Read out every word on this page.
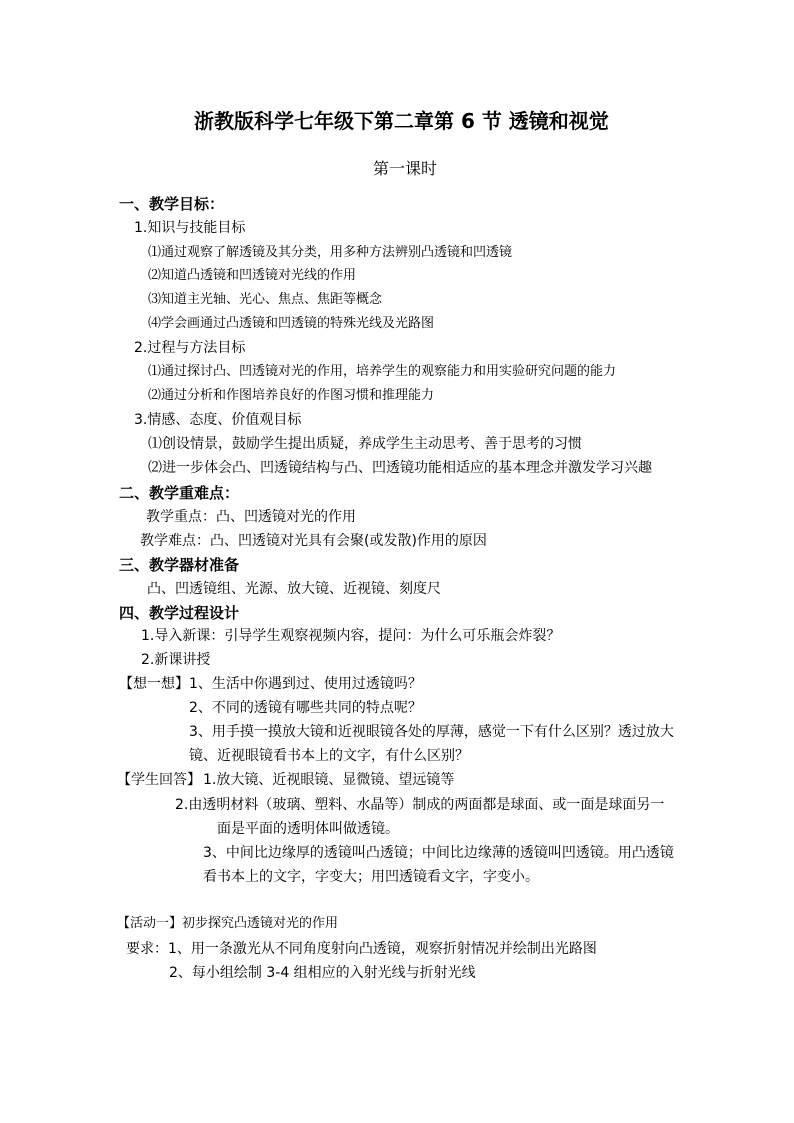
浙教版科学七年级下第二章第 6 节 透镜和视觉
第一课时
一、教学目标：
1.知识与技能目标
⑴通过观察了解透镜及其分类，用多种方法辨别凸透镜和凹透镜
⑵知道凸透镜和凹透镜对光线的作用
⑶知道主光轴、光心、焦点、焦距等概念
⑷学会画通过凸透镜和凹透镜的特殊光线及光路图
2.过程与方法目标
⑴通过探讨凸、凹透镜对光的作用，培养学生的观察能力和用实验研究问题的能力
⑵通过分析和作图培养良好的作图习惯和推理能力
3.情感、态度、价值观目标
⑴创设情景，鼓励学生提出质疑，养成学生主动思考、善于思考的习惯
⑵进一步体会凸、凹透镜结构与凸、凹透镜功能相适应的基本理念并激发学习兴趣
二、教学重难点：
教学重点：凸、凹透镜对光的作用
教学难点：凸、凹透镜对光具有会聚(或发散)作用的原因
三、教学器材准备
凸、凹透镜组、光源、放大镜、近视镜、刻度尺
四、教学过程设计
1.导入新课：引导学生观察视频内容，提问：为什么可乐瓶会炸裂？
2.新课讲授
【想一想】 1、生活中你遇到过、使用过透镜吗？
2、不同的透镜有哪些共同的特点呢？
3、用手摸一摸放大镜和近视眼镜各处的厚薄，感觉一下有什么区别？透过放大
镜、近视眼镜看书本上的文字，有什么区别？
【学生回答】 1.放大镜、近视眼镜、显微镜、望远镜等
2.由透明材料（玻璃、塑料、水晶等）制成的两面都是球面、或一面是球面另一
面是平面的透明体叫做透镜。
3、中间比边缘厚的透镜叫凸透镜；中间比边缘薄的透镜叫凹透镜。用凸透镜
看书本上的文字，字变大；用凹透镜看文字，字变小。
【活动一】初步探究凸透镜对光的作用
要求：1、用一条激光从不同角度射向凸透镜，观察折射情况并绘制出光路图
2、每小组绘制 3-4 组相应的入射光线与折射光线
